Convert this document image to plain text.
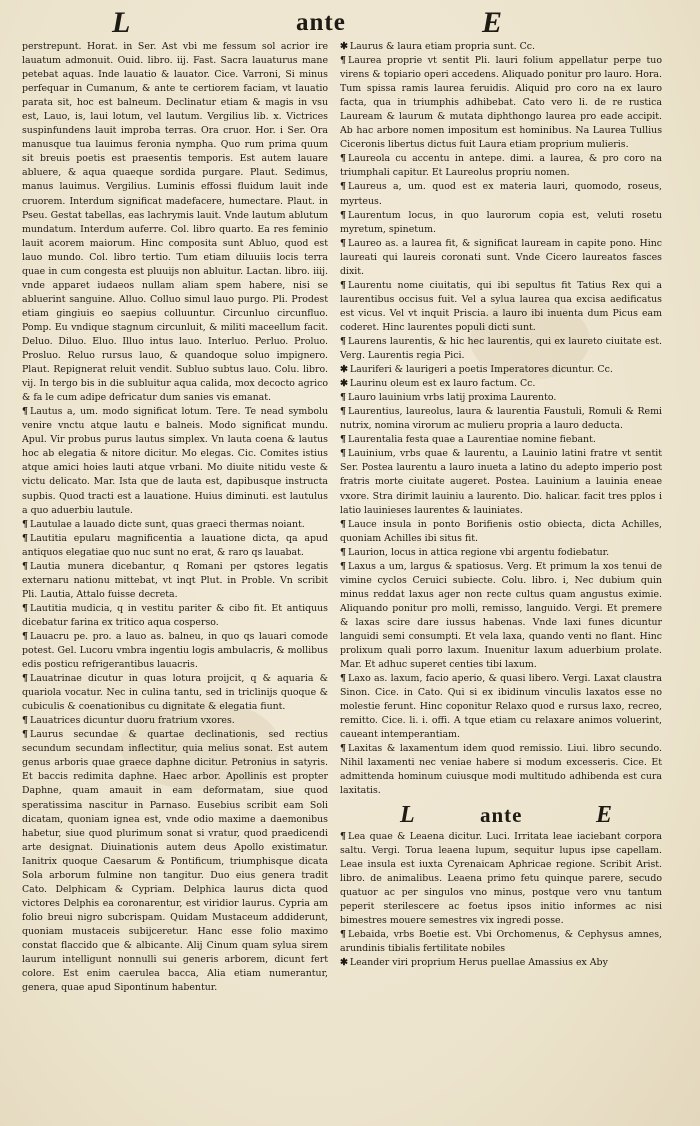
L	ante	E

perstrepunt. Horat. in Ser. Ast vbi me fessum sol acrior ire lauatum admonuit. Ouid. libro. iij. Fast. Sacra lauaturus mane petebat aquas. Inde lauatio & lauator. Cice. Varroni, Si minus perfequar in Cumanum, & ante te certiorem faciam, vt lauatio parata sit, hoc est balneum. Declinatur etiam & magis in vsu est, Lauo, is, laui lotum, vel lautum. Vergilius lib. x. Victrices suspinfundens lauit improba terras. Ora cruor. Hor. i Ser. Ora manusque tua lauimus feronia nympha. Quo rum prima quum sit breuis poetis est praesentis temporis. Est autem lauare abluere, & aqua quaeque sordida purgare. Plaut. Sedimus, manus lauimus. Vergilius. Luminis effossi fluidum lauit inde cruorem. Interdum significat madefacere, humectare. Plaut. in Pseu. Gestat tabellas, eas lachrymis lauit. Vnde lautum ablutum mundatum. Interdum auferre. Col. libro quarto. Ea res feminio lauit acorem maiorum. Hinc composita sunt Abluo, quod est lauo mundo. Col. libro tertio. Tum etiam diluuiis locis terra quae in cum congesta est pluuijs non abluitur. Lactan. libro. iiij. vnde apparet iudaeos nullam aliam spem habere, nisi se abluerint sanguine. Alluo. Colluo simul lauo purgo. Pli. Prodest etiam gingiuis eo saepius colluuntur. Circunluo circunfluo. Pomp. Eu vndique stagnum circunluit, & militi maceellum facit. Deluo. Diluo. Eluo. Illuo intus lauo. Interluo. Perluo. Proluo. Prosluo. Reluo rursus lauo, & quandoque soluo impignero. Plaut. Repignerat reluit vendit. Subluo subtus lauo. Colu. libro. vij. In tergo bis in die subluitur aqua calida, mox decocto agrico & fa le cum adipe defricatur dum sanies vis emanat.

¶ Lautus a, um. modo significat lotum. Tere. Te nead symbolu venire vnctu atque lautu e balneis. Modo significat mundu. Apul. Vir probus purus lautus simplex. Vn lauta coena & lautus hoc ab elegatia & nitore dicitur. Mo elegas. Cic. Comites istius atque amici hoies lauti atque vrbani. Mo diuite nitidu veste & victu delicato. Mar. Ista que de lauta est, dapibusque instructa supbis. Quod tracti est a lauatione. Huius diminuti. est lautulus a quo aduerbiu lautule.

¶ Lautulae a lauado dicte sunt, quas graeci thermas noiant.

¶ Lautitia epularu magnificentia a lauatione dicta, qa apud antiquos elegatiae quo nuc sunt no erat, & raro qs lauabat.

¶ Lautia munera dicebantur, q Romani per qstores legatis externaru nationu mittebat, vt inqt Plut. in Proble. Vn scribit Pli. Lautia, Attalo fuisse decreta.

¶ Lautitia mudicia, q in vestitu pariter & cibo fit. Et antiquus dicebatur farina ex tritico aqua cosperso.

¶ Lauacru pe. pro. a lauo as. balneu, in quo qs lauari comode potest. Gel. Lucoru vmbra ingentiu logis ambulacris, & mollibus edis posticu refrigerantibus lauacris.

¶ Lauatrinae dicutur in quas lotura proijcit, q & aquaria & quariola vocatur. Nec in culina tantu, sed in triclinijs quoque & cubiculis & coenationibus cu dignitate & elegatia fiunt.

¶ Lauatrices dicuntur duoru fratrium vxores.

¶ Laurus secundae & quartae declinationis, sed rectius secundum secundam inflectitur, quia melius sonat. Est autem genus arboris quae graece daphne dicitur. Petronius in satyris. Et baccis redimita daphne. Haec arbor. Apollinis est propter Daphne, quam amauit in eam deformatam, siue quod speratissima nascitur in Parnaso. Eusebius scribit eam Soli dicatam, quoniam ignea est, vnde odio maxime a daemonibus habetur, siue quod plurimum sonat si vratur, quod praedicendi arte designat. Diuinationis autem deus Apollo existimatur. Ianitrix quoque Caesarum & Pontificum, triumphisque dicata Sola arborum fulmine non tangitur. Duo eius genera tradit Cato. Delphicam & Cypriam. Delphica laurus dicta quod victores Delphis ea coronarentur, est viridior laurus. Cypria am folio breui nigro subcrispam. Quidam Mustaceum addiderunt, quoniam mustaceis subijceretur. Hanc esse folio maximo constat flaccido que & albicante. Alij Cinum quam sylua sirem laurum intelligunt nonnulli sui generis arborem, dicunt fert colore. Est enim caerulea bacca, Alia etiam numerantur, genera, quae apud Sipontinum habentur.

✱ Laurus & laura etiam propria sunt. Cc.

¶ Laurea proprie vt sentit Pli. lauri folium appellatur perpe tuo virens & topiario operi accedens. Aliquado ponitur pro lauro. Hora. Tum spissa ramis laurea feruidis. Aliquid pro coro na ex lauro facta, qua in triumphis adhibebat. Cato vero li. de re rustica Lauream & laurum & mutata diphthongo laurea pro eade accipit. Ab hac arbore nomen impositum est hominibus. Na Laurea Tullius Ciceronis libertus dictus fuit Laura etiam proprium mulieris.

¶ Laureola cu accentu in antepe. dimi. a laurea, & pro coro na triumphali capitur. Et Laureolus propriu nomen.

¶ Laureus a, um. quod est ex materia lauri, quomodo, roseus, myrteus.

¶ Laurentum locus, in quo laurorum copia est, veluti rosetu myretum, spinetum.

¶ Laureo as. a laurea fit, & significat lauream in capite pono. Hinc laureati qui laureis coronati sunt. Vnde Cicero laureatos fasces dixit.

¶ Laurentu nome ciuitatis, qui ibi sepultus fit Tatius Rex qui a laurentibus occisus fuit. Vel a sylua laurea qua excisa aedificatus est vicus. Vel vt inquit Priscia. a lauro ibi inuenta dum Picus eam coderet. Hinc laurentes populi dicti sunt.

¶ Laurens laurentis, & hic hec laurentis, qui ex laureto ciuitate est. Verg. Laurentis regia Pici.

✱ Lauriferi & laurigeri a poetis Imperatores dicuntur. Cc.

✱ Laurinu oleum est ex lauro factum. Cc.

¶ Lauro lauinium vrbs latij proxima Laurento.

¶ Laurentius, laureolus, laura & laurentia Faustuli, Romuli & Remi nutrix, nomina virorum ac mulieru propria a lauro deducta.

¶ Laurentalia festa quae a Laurentiae nomine fiebant.

¶ Lauinium, vrbs quae & laurentu, a Lauinio latini fratre vt sentit Ser. Postea laurentu a lauro inueta a latino du adepto imperio post fratris morte ciuitate augeret. Postea. Lauinium a lauinia eneae vxore. Stra dirimit lauiniu a laurento. Dio. halicar. facit tres pplos i latio lauinieses laurentes & lauiniates.

¶ Lauce insula in ponto Borifienis ostio obiecta, dicta Achilles, quoniam Achilles ibi situs fit.

¶ Laurion, locus in attica regione vbi argentu fodiebatur.

¶ Laxus a um, largus & spatiosus. Verg. Et primum la xos tenui de vimine cyclos Ceruici subiecte. Colu. libro. i, Nec dubium quin minus reddat laxus ager non recte cultus quam angustus eximie. Aliquando ponitur pro molli, remisso, languido. Vergi. Et premere & laxas scire dare iussus habenas. Vnde laxi funes dicuntur languidi semi consumpti. Et vela laxa, quando venti no flant. Hinc prolixum quali porro laxum. Inuenitur laxum aduerbium prolate. Mar. Et adhuc superet centies tibi laxum.

¶ Laxo as. laxum, facio aperio, & quasi libero. Vergi. Laxat claustra Sinon. Cice. in Cato. Qui si ex ibidinum vinculis laxatos esse no molestie ferunt. Hinc coponitur Relaxo quod e rursus laxo, recreo, remitto. Cice. li. i. offi. A tque etiam cu relaxare animos voluerint, caueant intemperantiam.

¶ Laxitas & laxamentum idem quod remissio. Liui. libro secundo. Nihil laxamenti nec veniae habere si modum excesseris. Cice. Et admittenda hominum cuiusque modi multitudo adhibenda est cura laxitatis.

L	ante	E

¶ Lea quae & Leaena dicitur. Luci. Irritata leae iaciebant corpora saltu. Vergi. Torua leaena lupum, sequitur lupus ipse capellam. Leae insula est iuxta Cyrenaicam Aphricae regione. Scribit Arist. libro. de animalibus. Leaena primo fetu quinque parere, secudo quatuor ac per singulos vno minus, postque vero vnu tantum peperit sterilescere ac foetus ipsos initio informes ac nisi bimestres mouere semestres vix ingredi posse.

¶ Lebaida, vrbs Boetie est. Vbi Orchomenus, & Cephysus amnes, arundinis tibialis fertilitate nobiles

✱ Leander viri proprium Herus puellae Amassius ex Aby
